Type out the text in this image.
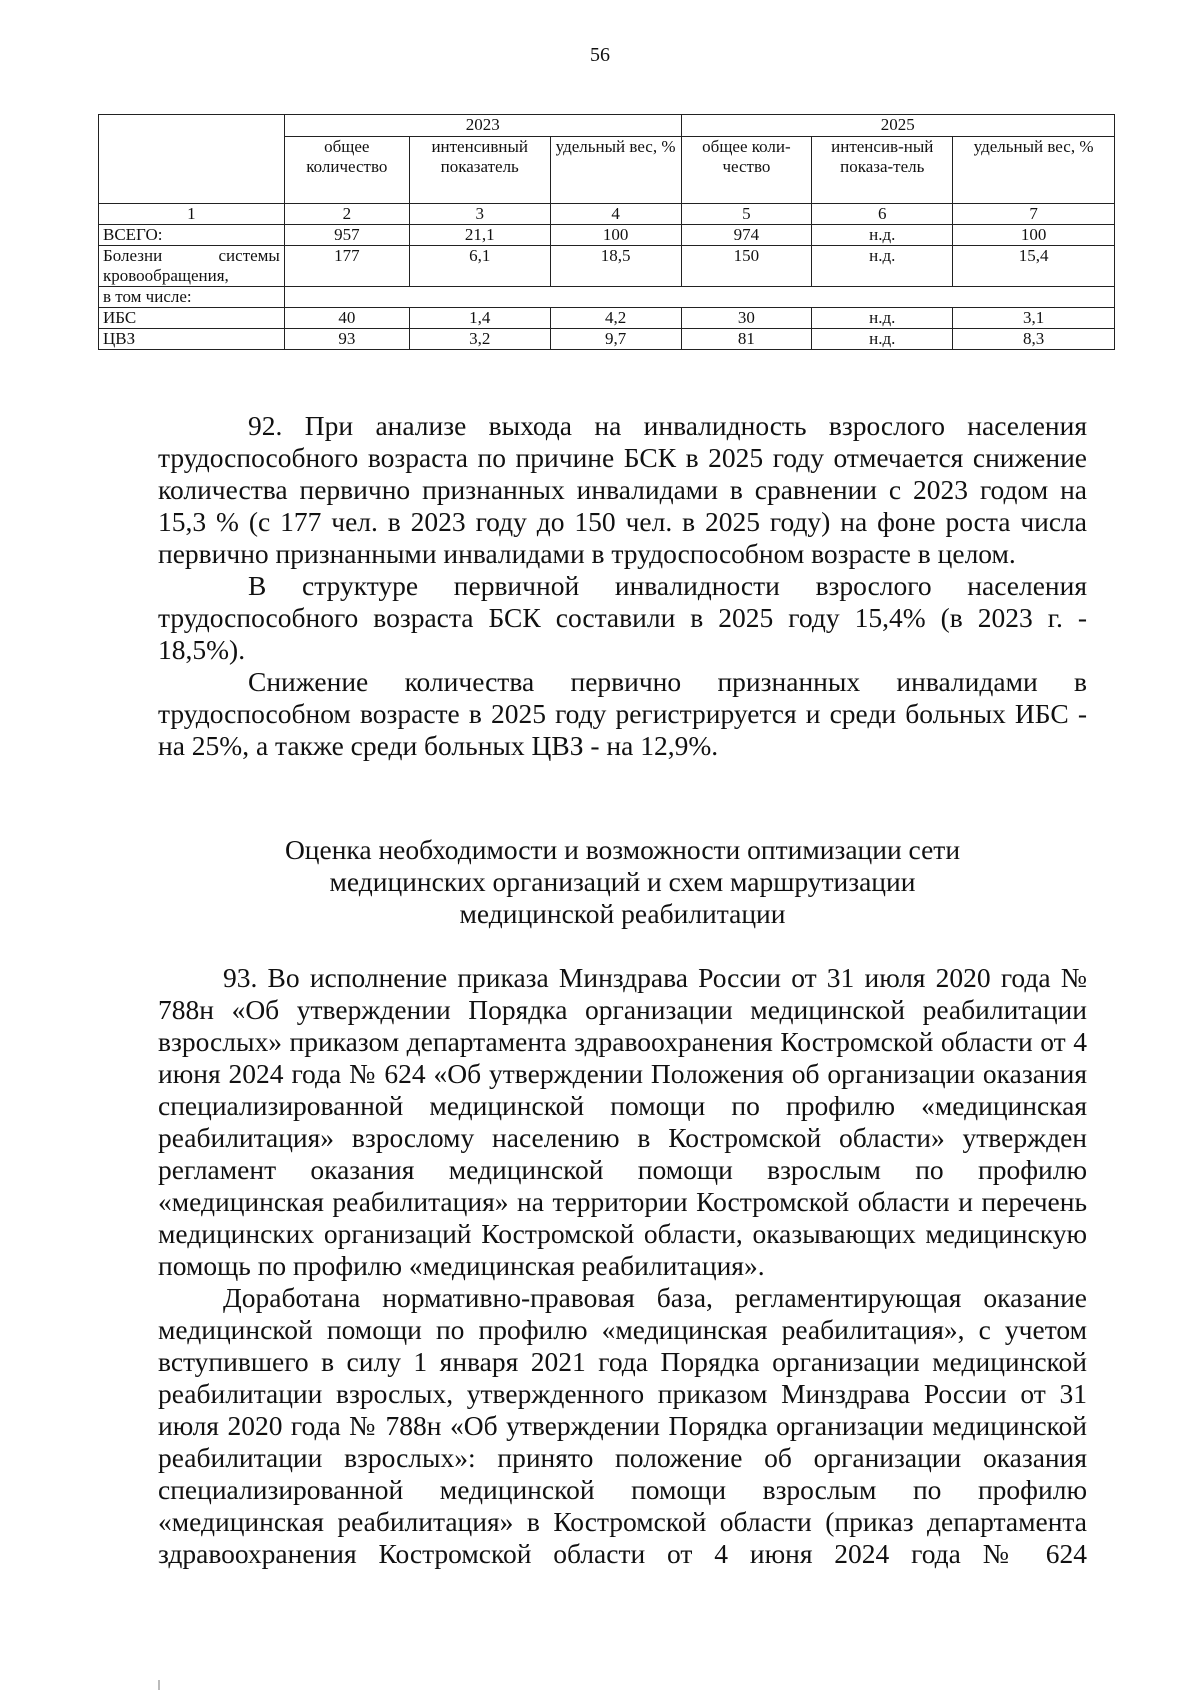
56
	2023			2025		
	общее количество	интенсивный показатель	удельный вес, %	общее коли-чество	интенсив-ный показа-тель	удельный вес, %
1	2	3	4	5	6	7
ВСЕГО:	957	21,1	100	974	н.д.	100
Болезни системы кровообращения,	177	6,1	18,5	150	н.д.	15,4
в том числе:						
ИБС	40	1,4	4,2	30	н.д.	3,1
ЦВЗ	93	3,2	9,7	81	н.д.	8,3

92. При анализе выхода на инвалидность взрослого населения трудоспособного возраста по причине БСК в 2025 году отмечается снижение количества первично признанных инвалидами в сравнении с 2023 годом на 15,3 % (с 177 чел. в 2023 году до 150 чел. в 2025 году) на фоне роста числа первично признанными инвалидами в трудоспособном возрасте в целом.

В структуре первичной инвалидности взрослого населения трудоспособного возраста БСК составили в 2025 году 15,4% (в 2023 г. - 18,5%).

Снижение количества первично признанных инвалидами в трудоспособном возрасте в 2025 году регистрируется и среди больных ИБС - на 25%, а также среди больных ЦВЗ - на 12,9%.

Оценка необходимости и возможности оптимизации сети
медицинских организаций и схем маршрутизации
медицинской реабилитации

93. Во исполнение приказа Минздрава России от 31 июля 2020 года № 788н «Об утверждении Порядка организации медицинской реабилитации взрослых» приказом департамента здравоохранения Костромской области от 4 июня 2024 года № 624 «Об утверждении Положения об организации оказания специализированной медицинской помощи по профилю «медицинская реабилитация» взрослому населению в Костромской области» утвержден регламент оказания медицинской помощи взрослым по профилю «медицинская реабилитация» на территории Костромской области и перечень медицинских организаций Костромской области, оказывающих медицинскую помощь по профилю «медицинская реабилитация».

Доработана нормативно-правовая база, регламентирующая оказание медицинской помощи по профилю «медицинская реабилитация», с учетом вступившего в силу 1 января 2021 года Порядка организации медицинской реабилитации взрослых, утвержденного приказом Минздрава России от 31 июля 2020 года № 788н «Об утверждении Порядка организации медицинской реабилитации взрослых»: принято положение об организации оказания специализированной медицинской помощи взрослым по профилю «медицинская реабилитация» в Костромской области (приказ департамента здравоохранения Костромской области от 4 июня 2024 года № 624
